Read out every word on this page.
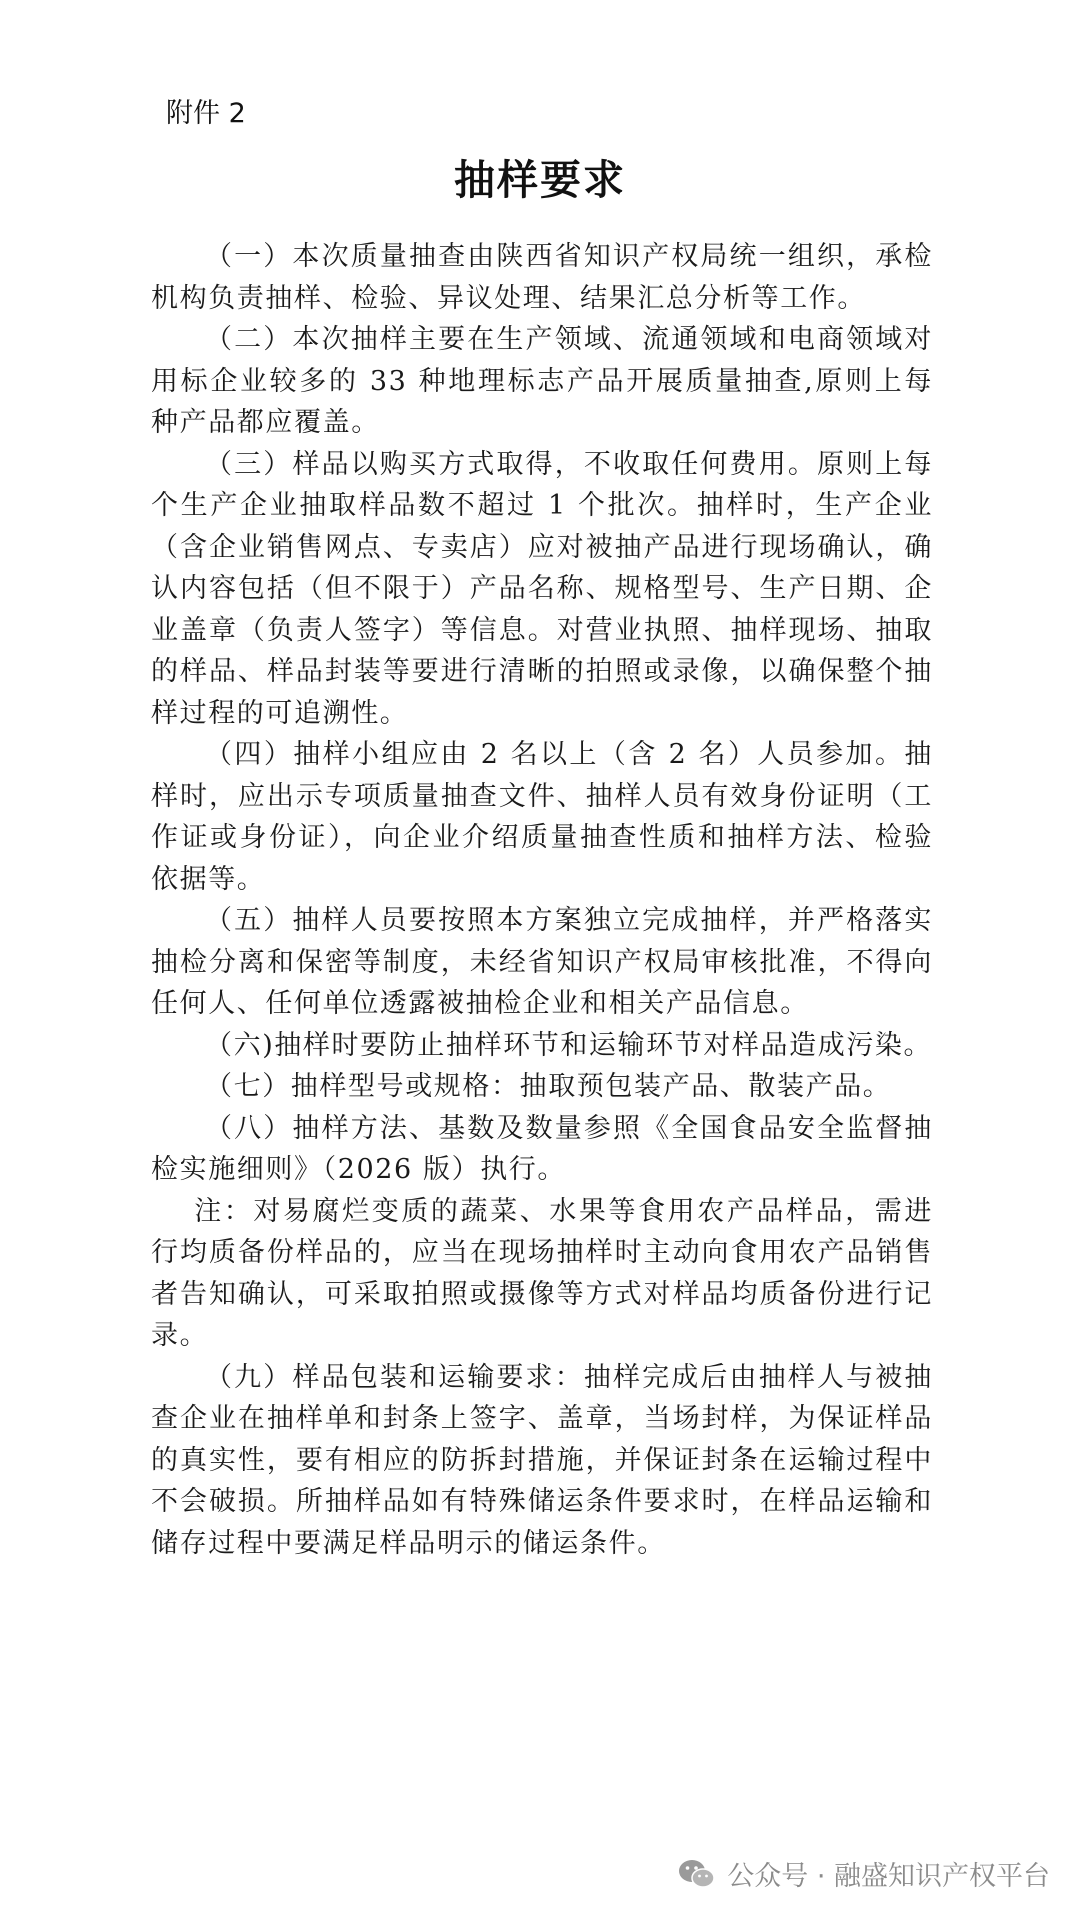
附件 2
抽样要求

（一）本次质量抽查由陕西省知识产权局统一组织，承检机构负责抽样、检验、异议处理、结果汇总分析等工作。

（二）本次抽样主要在生产领域、流通领域和电商领域对用标企业较多的 33 种地理标志产品开展质量抽查,原则上每种产品都应覆盖。

（三）样品以购买方式取得，不收取任何费用。原则上每个生产企业抽取样品数不超过 1 个批次。抽样时，生产企业（含企业销售网点、专卖店）应对被抽产品进行现场确认，确认内容包括（但不限于）产品名称、规格型号、生产日期、企业盖章（负责人签字）等信息。对营业执照、抽样现场、抽取的样品、样品封装等要进行清晰的拍照或录像，以确保整个抽样过程的可追溯性。

（四）抽样小组应由 2 名以上（含 2 名）人员参加。抽样时，应出示专项质量抽查文件、抽样人员有效身份证明（工作证或身份证），向企业介绍质量抽查性质和抽样方法、检验依据等。

（五）抽样人员要按照本方案独立完成抽样，并严格落实抽检分离和保密等制度，未经省知识产权局审核批准，不得向任何人、任何单位透露被抽检企业和相关产品信息。

（六)抽样时要防止抽样环节和运输环节对样品造成污染。

（七）抽样型号或规格：抽取预包装产品、散装产品。

（八）抽样方法、基数及数量参照《全国食品安全监督抽检实施细则》（2026 版）执行。

注：对易腐烂变质的蔬菜、水果等食用农产品样品，需进行均质备份样品的，应当在现场抽样时主动向食用农产品销售者告知确认，可采取拍照或摄像等方式对样品均质备份进行记录。

（九）样品包装和运输要求：抽样完成后由抽样人与被抽查企业在抽样单和封条上签字、盖章，当场封样，为保证样品的真实性，要有相应的防拆封措施，并保证封条在运输过程中不会破损。所抽样品如有特殊储运条件要求时，在样品运输和储存过程中要满足样品明示的储运条件。

公众号 · 融盛知识产权平台
